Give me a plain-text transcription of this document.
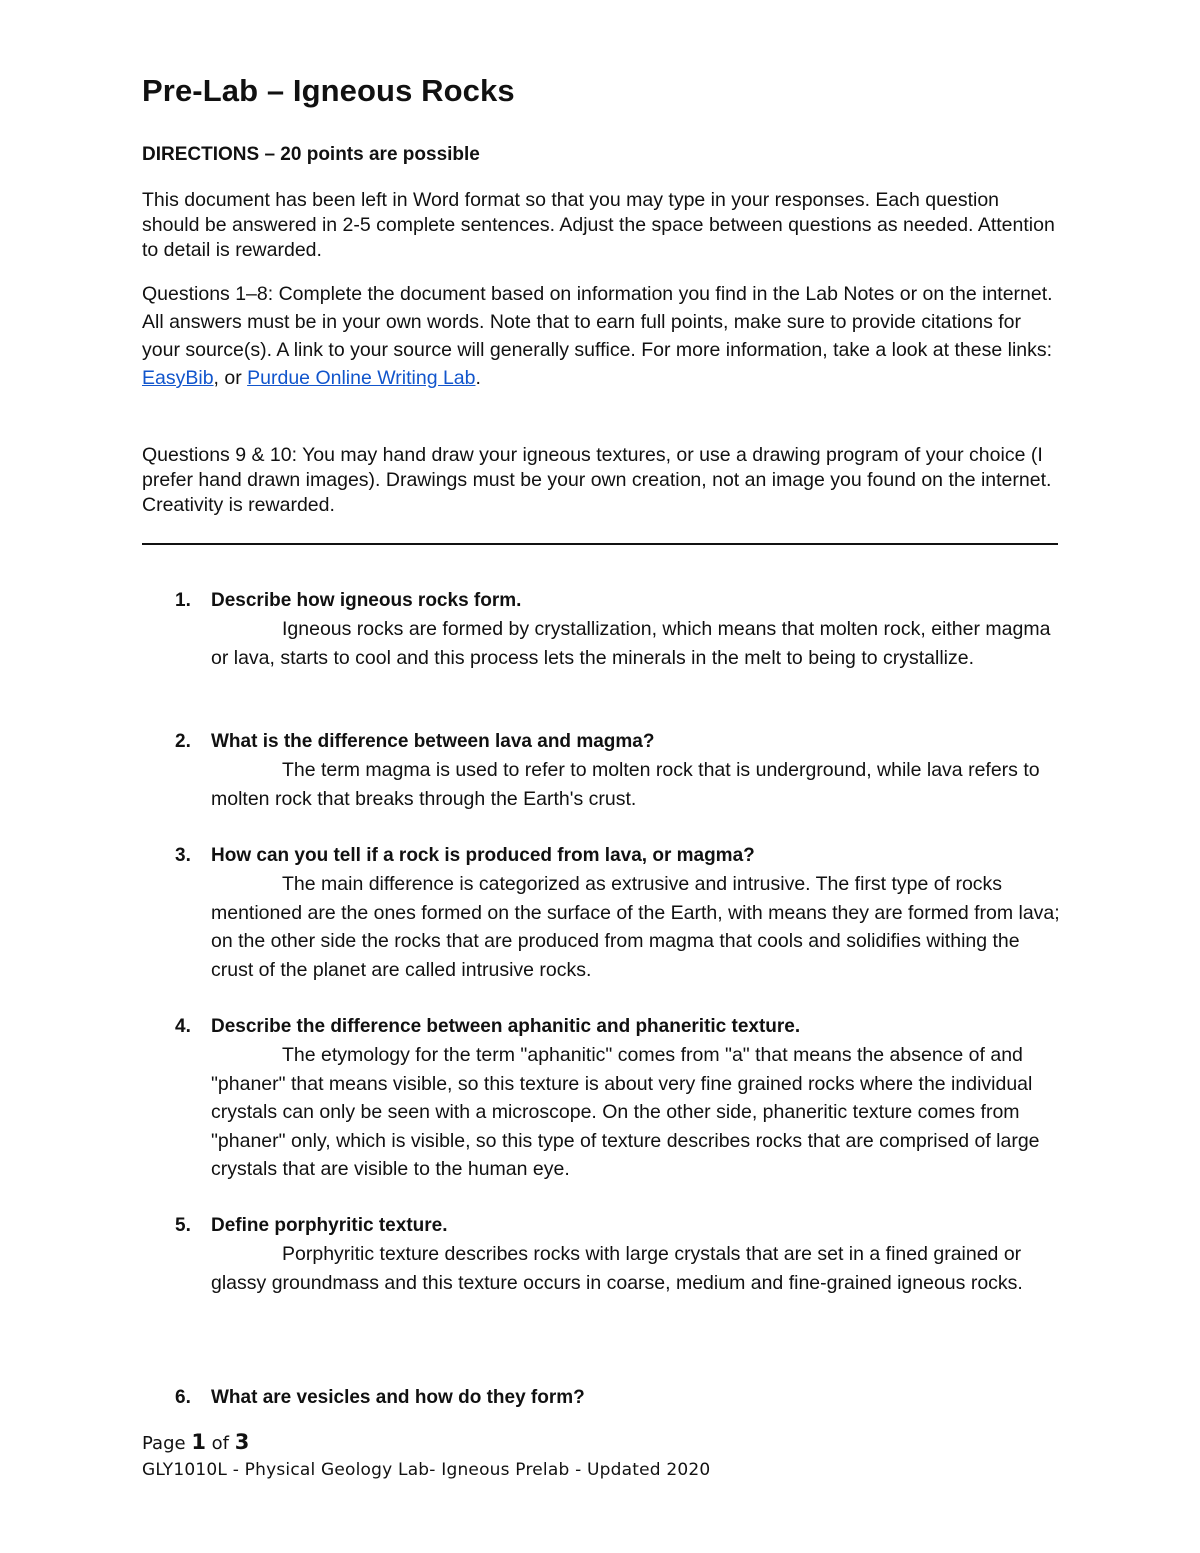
Pre-Lab – Igneous Rocks

DIRECTIONS – 20 points are possible

This document has been left in Word format so that you may type in your responses. Each question should be answered in 2-5 complete sentences. Adjust the space between questions as needed. Attention to detail is rewarded.

Questions 1–8: Complete the document based on information you find in the Lab Notes or on the internet.
All answers must be in your own words. Note that to earn full points, make sure to provide citations for your source(s). A link to your source will generally suffice. For more information, take a look at these links: EasyBib, or Purdue Online Writing Lab.

Questions 9 & 10: You may hand draw your igneous textures, or use a drawing program of your choice (I prefer hand drawn images). Drawings must be your own creation, not an image you found on the internet. Creativity is rewarded.

1. Describe how igneous rocks form.

Igneous rocks are formed by crystallization, which means that molten rock, either magma or lava, starts to cool and this process lets the minerals in the melt to being to crystallize.

2. What is the difference between lava and magma?

The term magma is used to refer to molten rock that is underground, while lava refers to molten rock that breaks through the Earth's crust.

3. How can you tell if a rock is produced from lava, or magma?

The main difference is categorized as extrusive and intrusive. The first type of rocks mentioned are the ones formed on the surface of the Earth, with means they are formed from lava; on the other side the rocks that are produced from magma that cools and solidifies withing the crust of the planet are called intrusive rocks.

4. Describe the difference between aphanitic and phaneritic texture.

The etymology for the term "aphanitic" comes from "a" that means the absence of and "phaner" that means visible, so this texture is about very fine grained rocks where the individual crystals can only be seen with a microscope. On the other side, phaneritic texture comes from "phaner" only, which is visible, so this type of texture describes rocks that are comprised of large crystals that are visible to the human eye.

5. Define porphyritic texture.

Porphyritic texture describes rocks with large crystals that are set in a fined grained or glassy groundmass and this texture occurs in coarse, medium and fine-grained igneous rocks.

6. What are vesicles and how do they form?

Page 1 of 3
GLY1010L - Physical Geology Lab- Igneous Prelab - Updated 2020
